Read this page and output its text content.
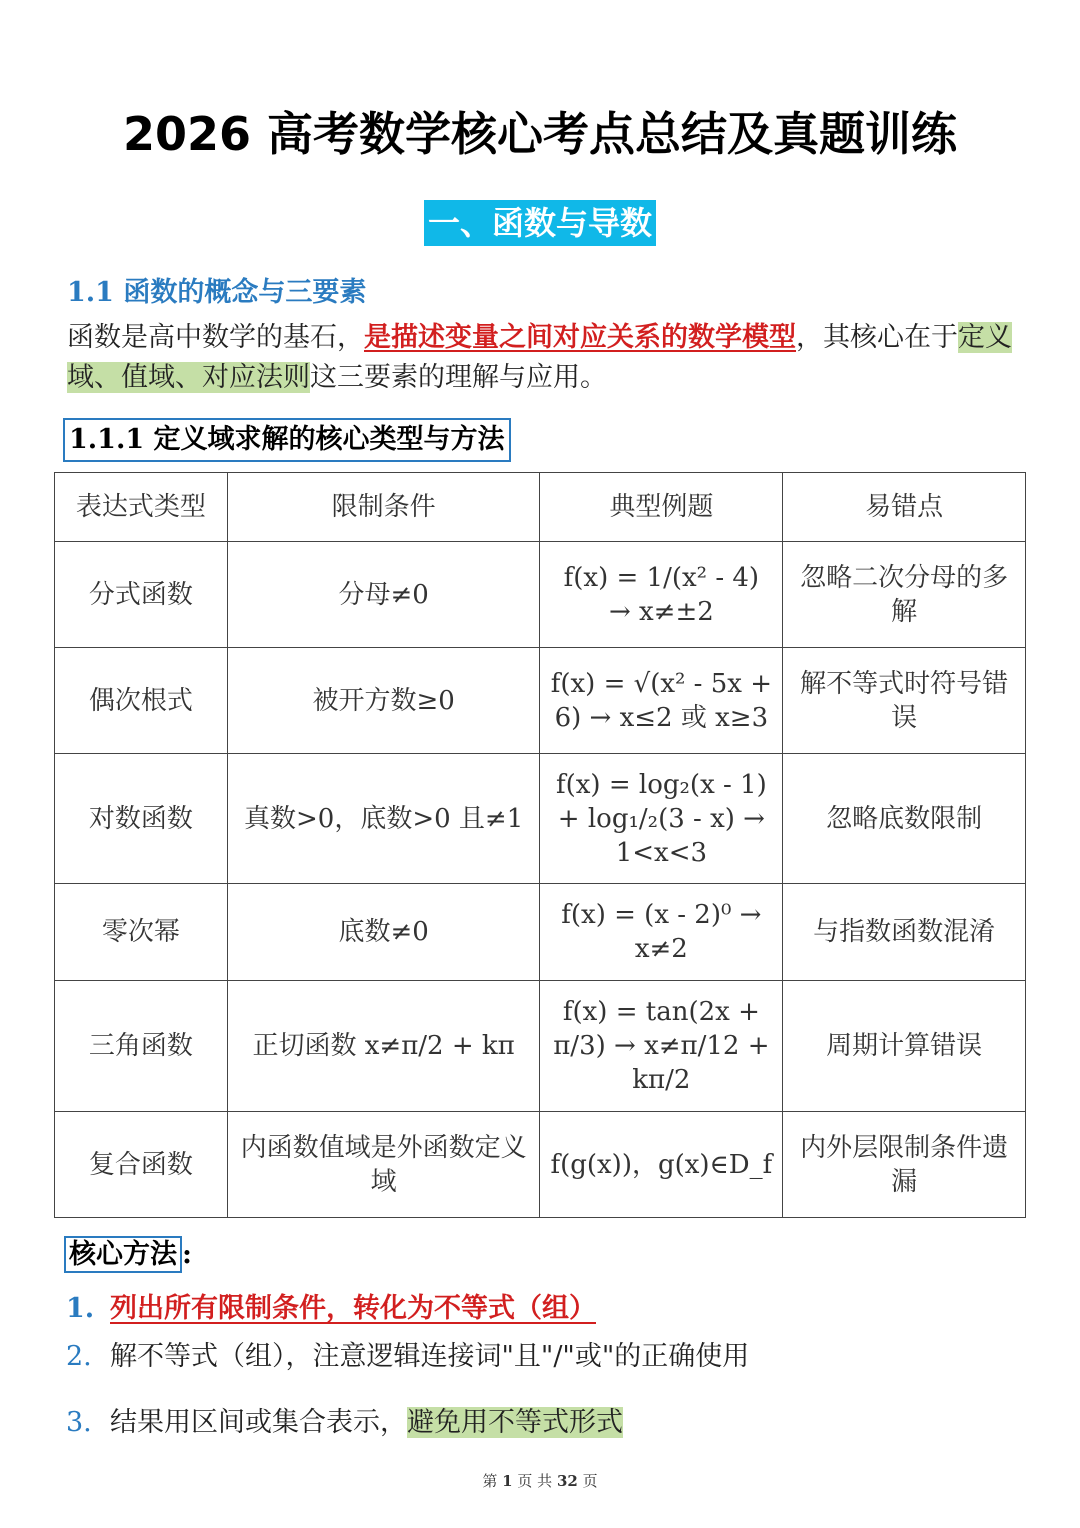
2026 高考数学核心考点总结及真题训练
一、函数与导数
1.1 函数的概念与三要素
函数是高中数学的基石，是描述变量之间对应关系的数学模型，其核心在于定义域、值域、对应法则这三要素的理解与应用。
1.1.1 定义域求解的核心类型与方法
表达式类型	限制条件	典型例题	易错点
分式函数	分母≠0	f(x) = 1/(x² - 4) → x≠±2	忽略二次分母的多解
偶次根式	被开方数≥0	f(x) = √(x² - 5x + 6) → x≤2 或 x≥3	解不等式时符号错误
对数函数	真数>0，底数>0 且≠1	f(x) = log₂(x - 1) + log₁/₂(3 - x) → 1<x<3	忽略底数限制
零次幂	底数≠0	f(x) = (x - 2)⁰ → x≠2	与指数函数混淆
三角函数	正切函数 x≠π/2 + kπ	f(x) = tan(2x + π/3) → x≠π/12 + kπ/2	周期计算错误
复合函数	内函数值域是外函数定义域	f(g(x))，g(x)∈D_f	内外层限制条件遗漏
核心方法 :
1. 列出所有限制条件，转化为不等式（组）
2. 解不等式（组），注意逻辑连接词"且"/"或"的正确使用
3. 结果用区间或集合表示，避免用不等式形式
第 1 页 共 32 页
